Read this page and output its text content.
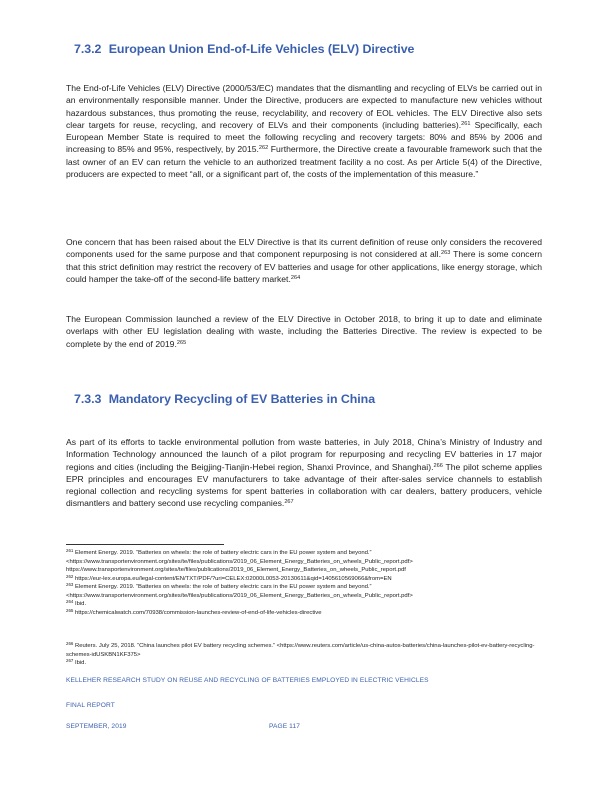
7.3.2 European Union End-of-Life Vehicles (ELV) Directive

The End-of-Life Vehicles (ELV) Directive (2000/53/EC) mandates that the dismantling and recycling of ELVs be carried out in an environmentally responsible manner. Under the Directive, producers are expected to manufacture new vehicles without hazardous substances, thus promoting the reuse, recyclability, and recovery of EOL vehicles. The ELV Directive also sets clear targets for reuse, recycling, and recovery of ELVs and their components (including batteries).$^{261}$ Specifically, each European Member State is required to meet the following recycling and recovery targets: 80% and 85% by 2006 and increasing to 85% and 95%, respectively, by 2015.$^{262}$ Furthermore, the Directive create a favourable framework such that the last owner of an EV can return the vehicle to an authorized treatment facility a no cost. As per Article 5(4) of the Directive, producers are expected to meet “all, or a significant part of, the costs of the implementation of this measure.”

One concern that has been raised about the ELV Directive is that its current definition of reuse only considers the recovered components used for the same purpose and that component repurposing is not considered at all.$^{263}$ There is some concern that this strict definition may restrict the recovery of EV batteries and usage for other applications, like energy storage, which could hamper the take-off of the second-life battery market.$^{264}$

The European Commission launched a review of the ELV Directive in October 2018, to bring it up to date and eliminate overlaps with other EU legislation dealing with waste, including the Batteries Directive. The review is expected to be complete by the end of 2019.$^{265}$

7.3.3 Mandatory Recycling of EV Batteries in China

As part of its efforts to tackle environmental pollution from waste batteries, in July 2018, China’s Ministry of Industry and Information Technology announced the launch of a pilot program for repurposing and recycling EV batteries in 17 major regions and cities (including the Beigjing-Tianjin-Hebei region, Shanxi Province, and Shanghai).$^{266}$ The pilot scheme applies EPR principles and encourages EV manufacturers to take advantage of their after-sales service channels to establish regional collection and recycling systems for spent batteries in collaboration with car dealers, battery producers, vehicle dismantlers and battery second use recycling companies.$^{267}$

$^{261}$ Element Energy. 2019. “Batteries on wheels: the role of battery electric cars in the EU power system and beyond.” <https://www.transportenvironment.org/sites/te/files/publications/2019_06_Element_Energy_Batteries_on_wheels_Public_report.pdf> https://www.transportenvironment.org/sites/te/files/publications/2019_06_Element_Energy_Batteries_on_wheels_Public_report.pdf
$^{262}$ https://eur-lex.europa.eu/legal-content/EN/TXT/PDF/?uri=CELEX:02000L0053-20130611&qid=1405610569066&from=EN
$^{263}$ Element Energy. 2019. “Batteries on wheels: the role of battery electric cars in the EU power system and beyond.” <https://www.transportenvironment.org/sites/te/files/publications/2019_06_Element_Energy_Batteries_on_wheels_Public_report.pdf>
$^{264}$ Ibid.
$^{265}$ https://chemicalwatch.com/70938/commission-launches-review-of-end-of-life-vehicles-directive

$^{266}$ Reuters. July 25, 2018. “China launches pilot EV battery recycling schemes.” <https://www.reuters.com/article/us-china-autos-batteries/china-launches-pilot-ev-battery-recycling-schemes-idUSKBN1KF375>
$^{267}$ Ibid.

KELLEHER RESEARCH STUDY ON REUSE AND RECYCLING OF BATTERIES EMPLOYED IN ELECTRIC VEHICLES
FINAL REPORT
SEPTEMBER, 2019	PAGE 117
